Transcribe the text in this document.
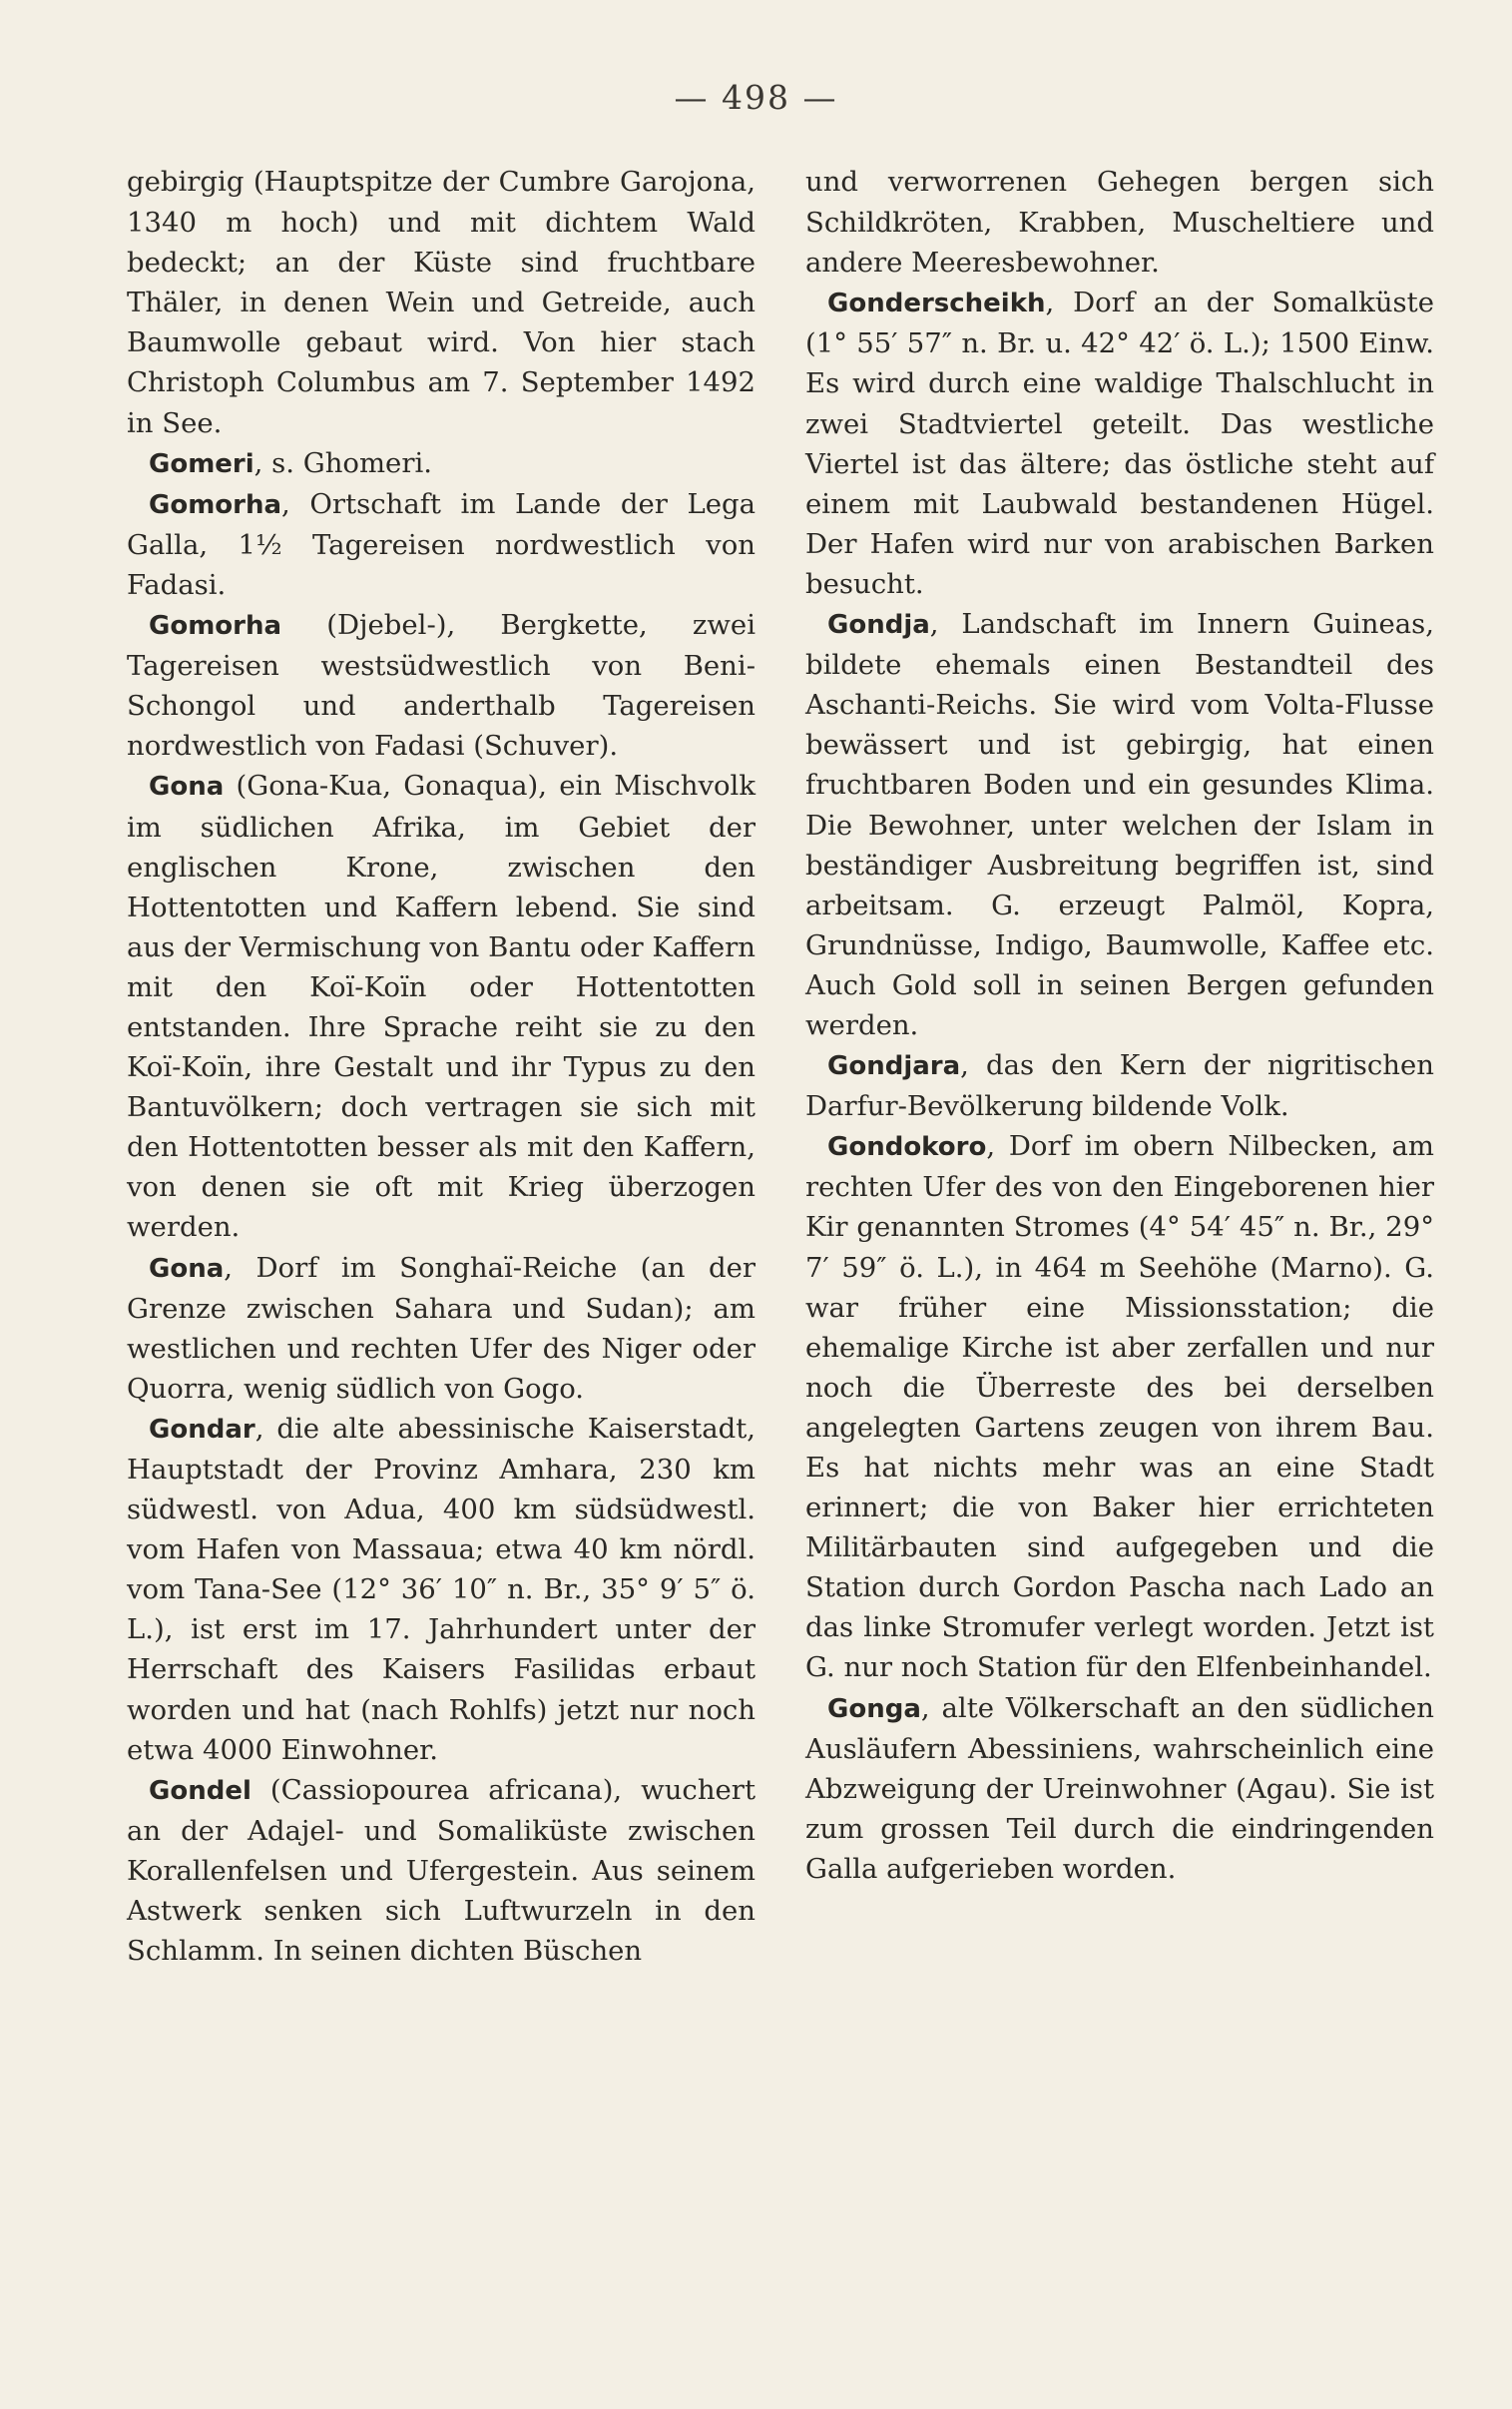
— 498 —

gebirgig (Hauptspitze der Cumbre Garojona, 1340 m hoch) und mit dichtem Wald bedeckt; an der Küste sind fruchtbare Thäler, in denen Wein und Getreide, auch Baumwolle gebaut wird. Von hier stach Christoph Columbus am 7. September 1492 in See.

Gomeri, s. Ghomeri.

Gomorha, Ortschaft im Lande der Lega Galla, 1½ Tagereisen nordwestlich von Fadasi.

Gomorha (Djebel-), Bergkette, zwei Tagereisen westsüdwestlich von Beni-Schongol und anderthalb Tagereisen nordwestlich von Fadasi (Schuver).

Gona (Gona-Kua, Gonaqua), ein Mischvolk im südlichen Afrika, im Gebiet der englischen Krone, zwischen den Hottentotten und Kaffern lebend. Sie sind aus der Vermischung von Bantu oder Kaffern mit den Koï-Koïn oder Hottentotten entstanden. Ihre Sprache reiht sie zu den Koï-Koïn, ihre Gestalt und ihr Typus zu den Bantuvölkern; doch vertragen sie sich mit den Hottentotten besser als mit den Kaffern, von denen sie oft mit Krieg überzogen werden.

Gona, Dorf im Songhaï-Reiche (an der Grenze zwischen Sahara und Sudan); am westlichen und rechten Ufer des Niger oder Quorra, wenig südlich von Gogo.

Gondar, die alte abessinische Kaiserstadt, Hauptstadt der Provinz Amhara, 230 km südwestl. von Adua, 400 km südsüdwestl. vom Hafen von Massaua; etwa 40 km nördl. vom Tana-See (12° 36′ 10″ n. Br., 35° 9′ 5″ ö. L.), ist erst im 17. Jahrhundert unter der Herrschaft des Kaisers Fasilidas erbaut worden und hat (nach Rohlfs) jetzt nur noch etwa 4000 Einwohner.

Gondel (Cassiopourea africana), wuchert an der Adajel- und Somaliküste zwischen Korallenfelsen und Ufergestein. Aus seinem Astwerk senken sich Luftwurzeln in den Schlamm. In seinen dichten Büschen

und verworrenen Gehegen bergen sich Schildkröten, Krabben, Muscheltiere und andere Meeresbewohner.

Gonderscheikh, Dorf an der Somalküste (1° 55′ 57″ n. Br. u. 42° 42′ ö. L.); 1500 Einw. Es wird durch eine waldige Thalschlucht in zwei Stadtviertel geteilt. Das westliche Viertel ist das ältere; das östliche steht auf einem mit Laubwald bestandenen Hügel. Der Hafen wird nur von arabischen Barken besucht.

Gondja, Landschaft im Innern Guineas, bildete ehemals einen Bestandteil des Aschanti-Reichs. Sie wird vom Volta-Flusse bewässert und ist gebirgig, hat einen fruchtbaren Boden und ein gesundes Klima. Die Bewohner, unter welchen der Islam in beständiger Ausbreitung begriffen ist, sind arbeitsam. G. erzeugt Palmöl, Kopra, Grundnüsse, Indigo, Baumwolle, Kaffee etc. Auch Gold soll in seinen Bergen gefunden werden.

Gondjara, das den Kern der nigritischen Darfur-Bevölkerung bildende Volk.

Gondokoro, Dorf im obern Nilbecken, am rechten Ufer des von den Eingeborenen hier Kir genannten Stromes (4° 54′ 45″ n. Br., 29° 7′ 59″ ö. L.), in 464 m Seehöhe (Marno). G. war früher eine Missionsstation; die ehemalige Kirche ist aber zerfallen und nur noch die Überreste des bei derselben angelegten Gartens zeugen von ihrem Bau. Es hat nichts mehr was an eine Stadt erinnert; die von Baker hier errichteten Militärbauten sind aufgegeben und die Station durch Gordon Pascha nach Lado an das linke Stromufer verlegt worden. Jetzt ist G. nur noch Station für den Elfenbeinhandel.

Gonga, alte Völkerschaft an den südlichen Ausläufern Abessiniens, wahrscheinlich eine Abzweigung der Ureinwohner (Agau). Sie ist zum grossen Teil durch die eindringenden Galla aufgerieben worden.
